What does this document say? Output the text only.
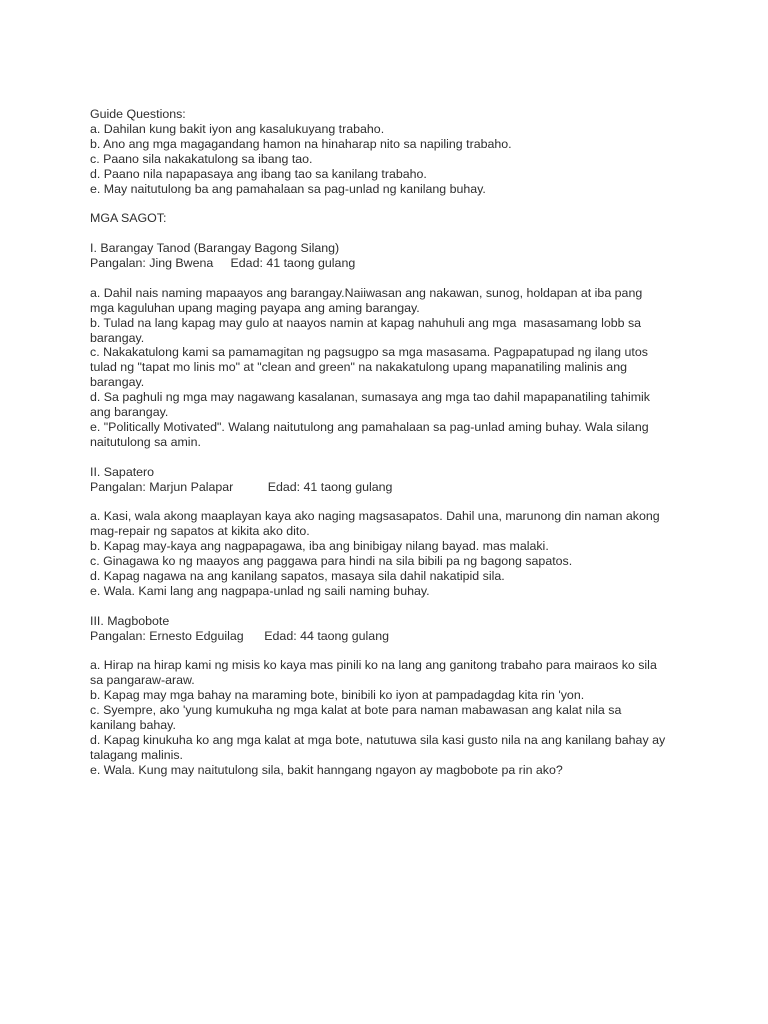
Guide Questions:
a. Dahilan kung bakit iyon ang kasalukuyang trabaho.
b. Ano ang mga magagandang hamon na hinaharap nito sa napiling trabaho.
c. Paano sila nakakatulong sa ibang tao.
d. Paano nila napapasaya ang ibang tao sa kanilang trabaho.
e. May naitutulong ba ang pamahalaan sa pag-unlad ng kanilang buhay.
MGA SAGOT:
I. Barangay Tanod (Barangay Bagong Silang)
Pangalan: Jing Bwena     Edad: 41 taong gulang
a. Dahil nais naming mapaayos ang barangay.Naiiwasan ang nakawan, sunog, holdapan at iba pang
mga kaguluhan upang maging payapa ang aming barangay.
b. Tulad na lang kapag may gulo at naayos namin at kapag nahuhuli ang mga  masasamang lobb sa
barangay.
c. Nakakatulong kami sa pamamagitan ng pagsugpo sa mga masasama. Pagpapatupad ng ilang utos
tulad ng "tapat mo linis mo" at "clean and green" na nakakatulong upang mapanatiling malinis ang
barangay.
d. Sa paghuli ng mga may nagawang kasalanan, sumasaya ang mga tao dahil mapapanatiling tahimik
ang barangay.
e. "Politically Motivated". Walang naitutulong ang pamahalaan sa pag-unlad aming buhay. Wala silang
naitutulong sa amin.
II. Sapatero
Pangalan: Marjun Palapar          Edad: 41 taong gulang
a. Kasi, wala akong maaplayan kaya ako naging magsasapatos. Dahil una, marunong din naman akong
mag-repair ng sapatos at kikita ako dito.
b. Kapag may-kaya ang nagpapagawa, iba ang binibigay nilang bayad. mas malaki.
c. Ginagawa ko ng maayos ang paggawa para hindi na sila bibili pa ng bagong sapatos.
d. Kapag nagawa na ang kanilang sapatos, masaya sila dahil nakatipid sila.
e. Wala. Kami lang ang nagpapa-unlad ng saili naming buhay.
III. Magbobote
Pangalan: Ernesto Edguilag      Edad: 44 taong gulang
a. Hirap na hirap kami ng misis ko kaya mas pinili ko na lang ang ganitong trabaho para mairaos ko sila
sa pangaraw-araw.
b. Kapag may mga bahay na maraming bote, binibili ko iyon at pampadagdag kita rin 'yon.
c. Syempre, ako 'yung kumukuha ng mga kalat at bote para naman mabawasan ang kalat nila sa
kanilang bahay.
d. Kapag kinukuha ko ang mga kalat at mga bote, natutuwa sila kasi gusto nila na ang kanilang bahay ay
talagang malinis.
e. Wala. Kung may naitutulong sila, bakit hanngang ngayon ay magbobote pa rin ako?
